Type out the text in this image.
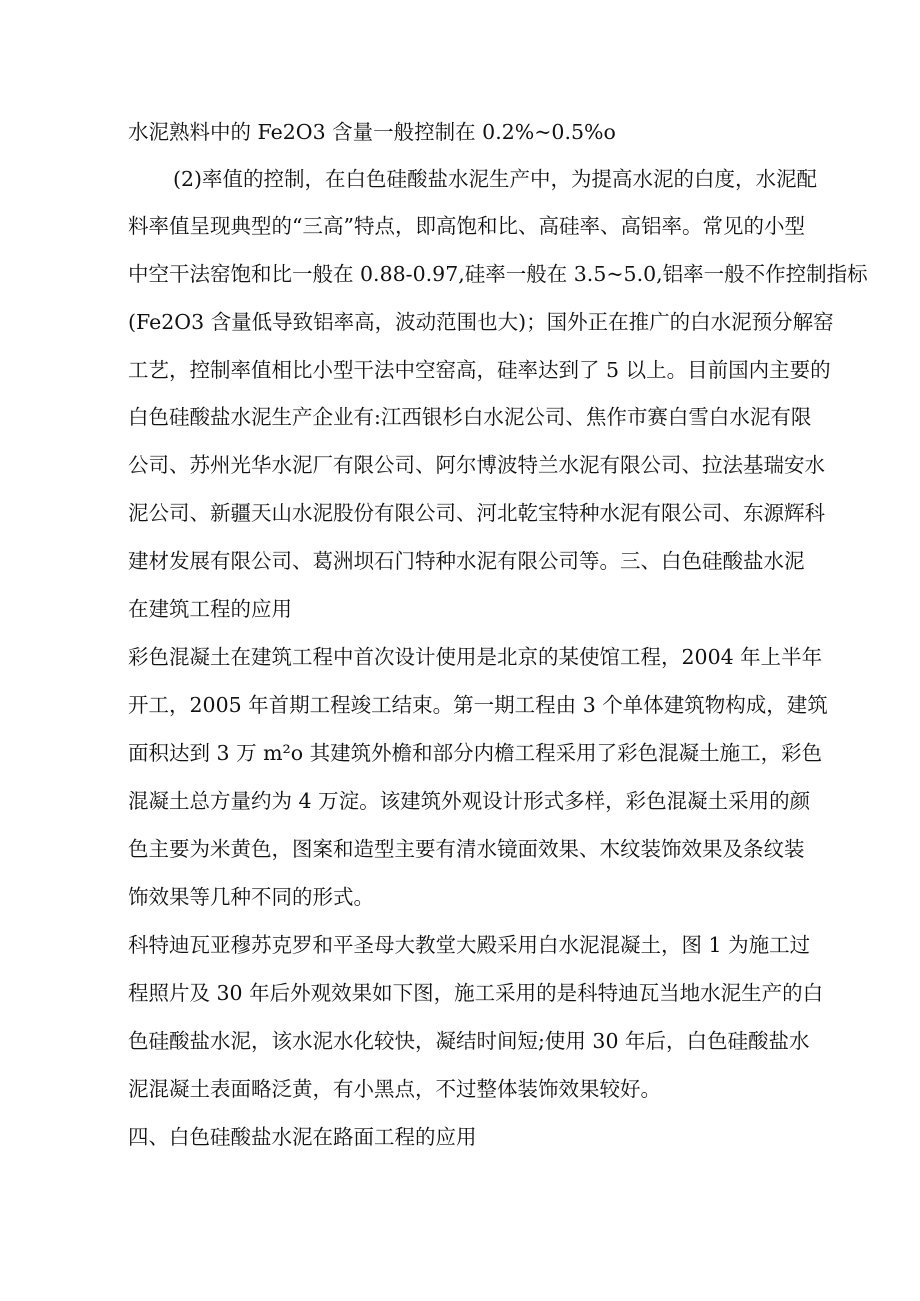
水泥熟料中的 Fe2O3 含量一般控制在 0.2%~0.5%o
(2)率值的控制，在白色硅酸盐水泥生产中，为提高水泥的白度，水泥配
料率值呈现典型的“三高”特点，即高饱和比、高硅率、高铝率。常见的小型
中空干法窑饱和比一般在 0.88-0.97,硅率一般在 3.5~5.0,铝率一般不作控制指标
(Fe2O3 含量低导致铝率高，波动范围也大)；国外正在推广的白水泥预分解窑
工艺，控制率值相比小型干法中空窑高，硅率达到了 5 以上。目前国内主要的
白色硅酸盐水泥生产企业有:江西银杉白水泥公司、焦作市赛白雪白水泥有限
公司、苏州光华水泥厂有限公司、阿尔博波特兰水泥有限公司、拉法基瑞安水
泥公司、新疆天山水泥股份有限公司、河北乾宝特种水泥有限公司、东源辉科
建材发展有限公司、葛洲坝石门特种水泥有限公司等。三、白色硅酸盐水泥
在建筑工程的应用
彩色混凝土在建筑工程中首次设计使用是北京的某使馆工程，2004 年上半年
开工，2005 年首期工程竣工结束。第一期工程由 3 个单体建筑物构成，建筑
面积达到 3 万 m²o 其建筑外檐和部分内檐工程采用了彩色混凝土施工，彩色
混凝土总方量约为 4 万淀。该建筑外观设计形式多样，彩色混凝土采用的颜
色主要为米黄色，图案和造型主要有清水镜面效果、木纹装饰效果及条纹装
饰效果等几种不同的形式。
科特迪瓦亚穆苏克罗和平圣母大教堂大殿采用白水泥混凝土，图 1 为施工过
程照片及 30 年后外观效果如下图，施工采用的是科特迪瓦当地水泥生产的白
色硅酸盐水泥，该水泥水化较快，凝结时间短;使用 30 年后，白色硅酸盐水
泥混凝土表面略泛黄，有小黑点，不过整体装饰效果较好。
四、白色硅酸盐水泥在路面工程的应用
